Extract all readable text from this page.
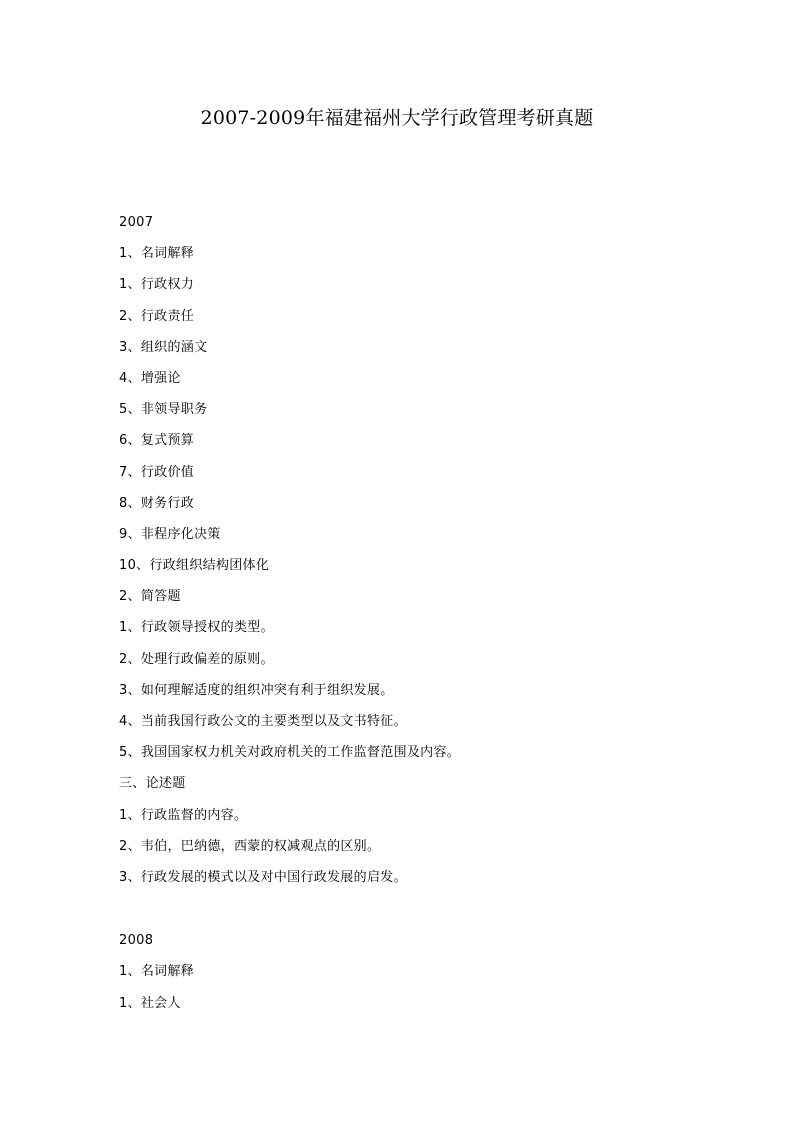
2007-2009年福建福州大学行政管理考研真题
2007
1、名词解释
1、行政权力
2、行政责任
3、组织的涵文
4、增强论
5、非领导职务
6、复式预算
7、行政价值
8、财务行政
9、非程序化决策
10、行政组织结构团体化
2、简答题
1、行政领导授权的类型。
2、处理行政偏差的原则。
3、如何理解适度的组织冲突有利于组织发展。
4、当前我国行政公文的主要类型以及文书特征。
5、我国国家权力机关对政府机关的工作监督范围及内容。
三、论述题
1、行政监督的内容。
2、韦伯，巴纳德，西蒙的权减观点的区别。
3、行政发展的模式以及对中国行政发展的启发。
2008
1、名词解释
1、社会人
